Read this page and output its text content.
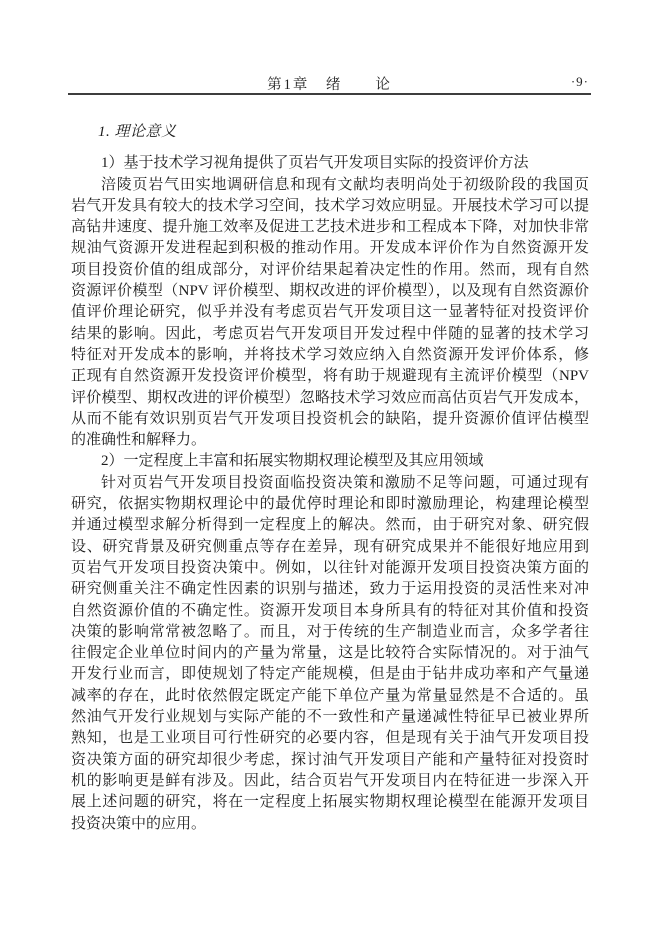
第1章　绪　　论	·9·
1. 理论意义
1）基于技术学习视角提供了页岩气开发项目实际的投资评价方法
涪陵页岩气田实地调研信息和现有文献均表明尚处于初级阶段的我国页
岩气开发具有较大的技术学习空间，技术学习效应明显。开展技术学习可以提
高钻井速度、提升施工效率及促进工艺技术进步和工程成本下降，对加快非常
规油气资源开发进程起到积极的推动作用。开发成本评价作为自然资源开发
项目投资价值的组成部分，对评价结果起着决定性的作用。然而，现有自然
资源评价模型（NPV 评价模型、期权改进的评价模型），以及现有自然资源价
值评价理论研究，似乎并没有考虑页岩气开发项目这一显著特征对投资评价
结果的影响。因此，考虑页岩气开发项目开发过程中伴随的显著的技术学习
特征对开发成本的影响，并将技术学习效应纳入自然资源开发评价体系，修
正现有自然资源开发投资评价模型，将有助于规避现有主流评价模型（NPV
评价模型、期权改进的评价模型）忽略技术学习效应而高估页岩气开发成本，
从而不能有效识别页岩气开发项目投资机会的缺陷，提升资源价值评估模型
的准确性和解释力。
2）一定程度上丰富和拓展实物期权理论模型及其应用领域
针对页岩气开发项目投资面临投资决策和激励不足等问题，可通过现有
研究，依据实物期权理论中的最优停时理论和即时激励理论，构建理论模型
并通过模型求解分析得到一定程度上的解决。然而，由于研究对象、研究假
设、研究背景及研究侧重点等存在差异，现有研究成果并不能很好地应用到
页岩气开发项目投资决策中。例如，以往针对能源开发项目投资决策方面的
研究侧重关注不确定性因素的识别与描述，致力于运用投资的灵活性来对冲
自然资源价值的不确定性。资源开发项目本身所具有的特征对其价值和投资
决策的影响常常被忽略了。而且，对于传统的生产制造业而言，众多学者往
往假定企业单位时间内的产量为常量，这是比较符合实际情况的。对于油气
开发行业而言，即使规划了特定产能规模，但是由于钻井成功率和产气量递
减率的存在，此时依然假定既定产能下单位产量为常量显然是不合适的。虽
然油气开发行业规划与实际产能的不一致性和产量递减性特征早已被业界所
熟知，也是工业项目可行性研究的必要内容，但是现有关于油气开发项目投
资决策方面的研究却很少考虑，探讨油气开发项目产能和产量特征对投资时
机的影响更是鲜有涉及。因此，结合页岩气开发项目内在特征进一步深入开
展上述问题的研究，将在一定程度上拓展实物期权理论模型在能源开发项目
投资决策中的应用。
